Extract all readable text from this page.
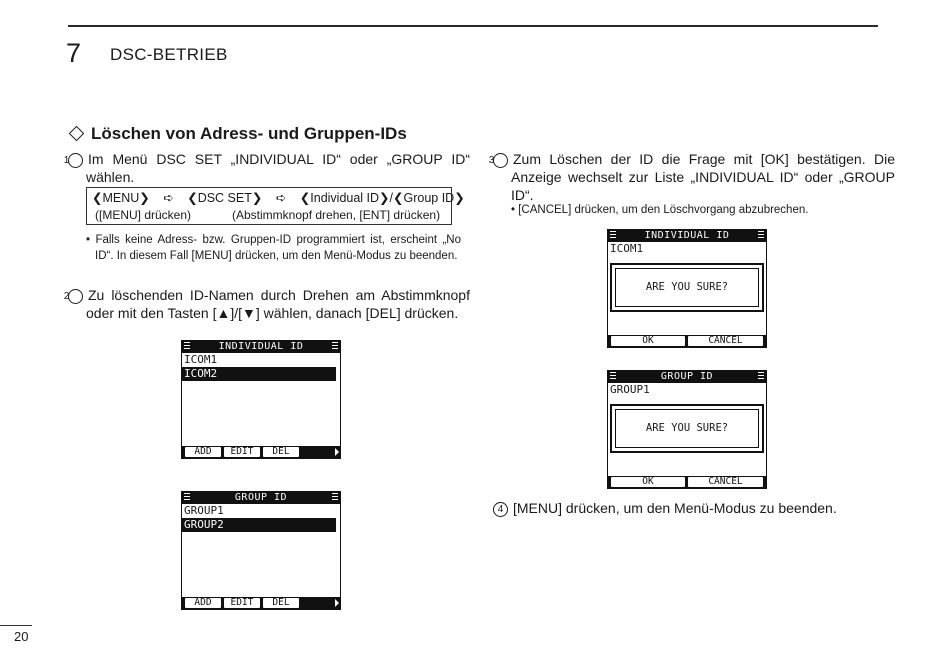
7 DSC-BETRIEB
Löschen von Adress- und Gruppen-IDs
1 Im Menü DSC SET „INDIVIDUAL ID“ oder „GROUP ID“ wählen.
❮MENU❯ ➪ ❮DSC SET❯ ➪ ❮Individual ID❯/❮Group ID❯
([MENU] drücken)	(Abstimmknopf drehen, [ENT] drücken)
• Falls keine Adress- bzw. Gruppen-ID programmiert ist, erscheint „No ID“. In diesem Fall [MENU] drücken, um den Menü-Modus zu beenden.
2 Zu löschenden ID-Namen durch Drehen am Abstimmknopf oder mit den Tasten [▲]/[▼] wählen, danach [DEL] drücken.
INDIVIDUAL ID
ICOM1
ICOM2
ADD	EDIT	DEL
GROUP ID
GROUP1
GROUP2
ADD	EDIT	DEL
3 Zum Löschen der ID die Frage mit [OK] bestätigen. Die Anzeige wechselt zur Liste „INDIVIDUAL ID“ oder „GROUP ID“.
• [CANCEL] drücken, um den Löschvorgang abzubrechen.
INDIVIDUAL ID
ICOM1
ARE YOU SURE?
OK	CANCEL
GROUP ID
GROUP1
ARE YOU SURE?
OK	CANCEL
4 [MENU] drücken, um den Menü-Modus zu beenden.
20
